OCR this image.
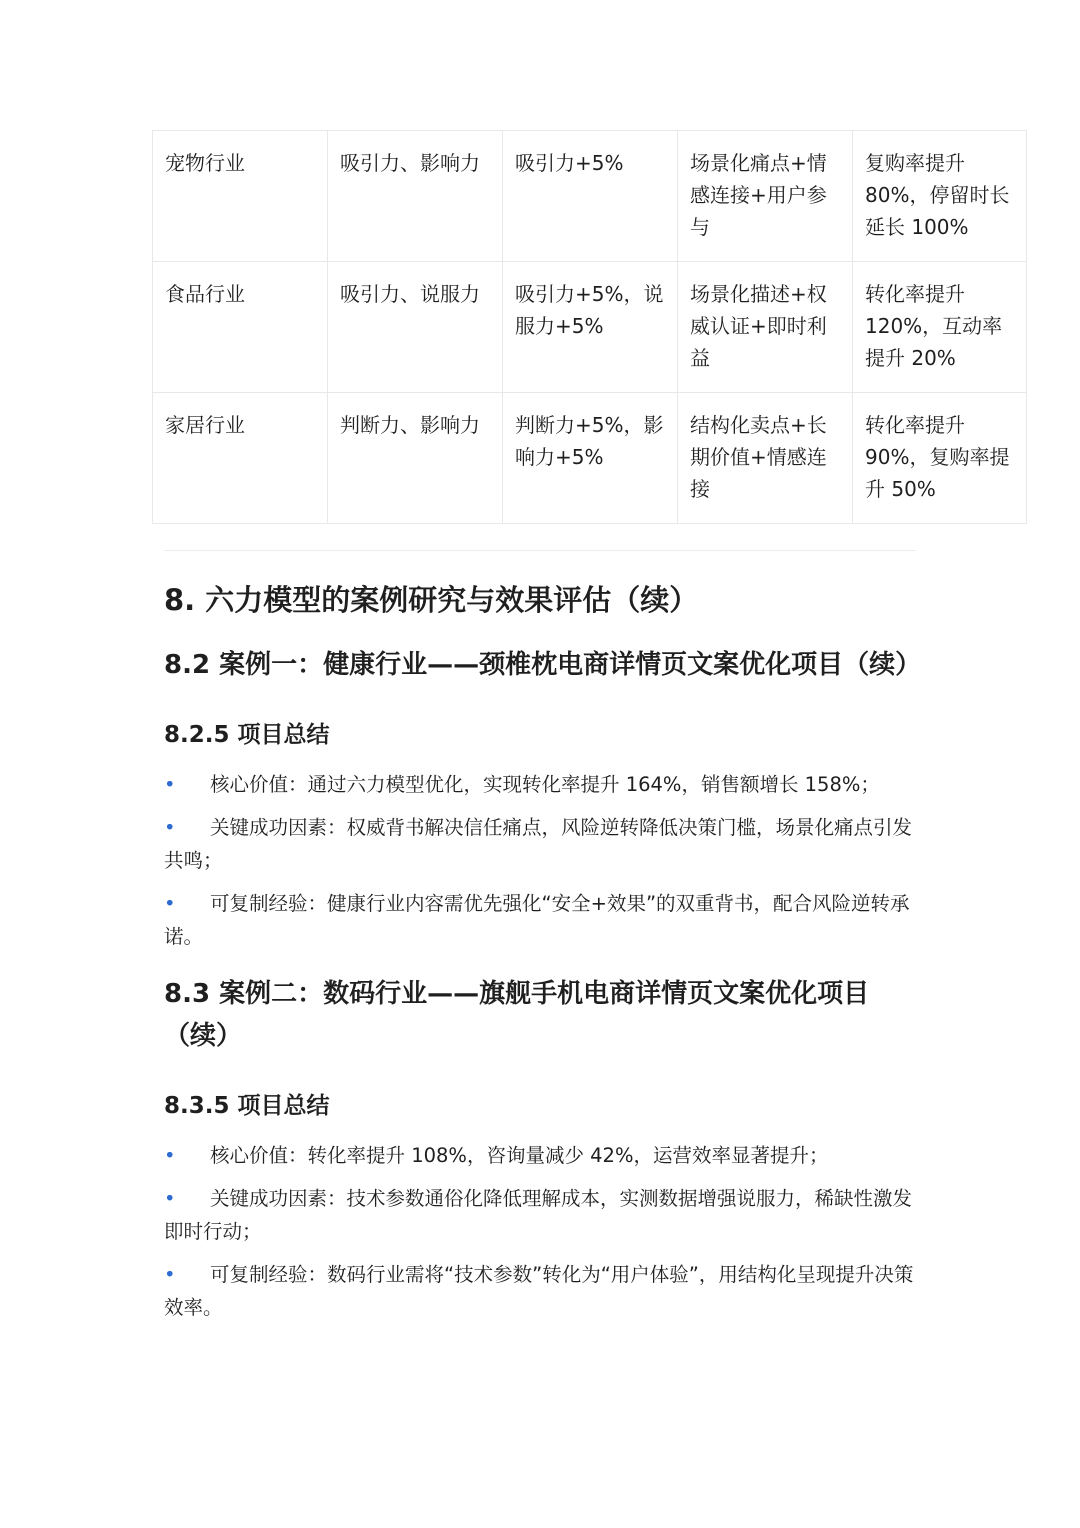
宠物行业	吸引力、影响力	吸引力+5%	场景化痛点+情感连接+用户参与	复购率提升 80%，停留时长延长 100%
食品行业	吸引力、说服力	吸引力+5%，说服力+5%	场景化描述+权威认证+即时利益	转化率提升 120%，互动率提升 20%
家居行业	判断力、影响力	判断力+5%，影响力+5%	结构化卖点+长期价值+情感连接	转化率提升 90%，复购率提升 50%
8. 六力模型的案例研究与效果评估（续）
8.2 案例一：健康行业——颈椎枕电商详情页文案优化项目（续）
8.2.5 项目总结
• 核心价值：通过六力模型优化，实现转化率提升 164%，销售额增长 158%；
• 关键成功因素：权威背书解决信任痛点，风险逆转降低决策门槛，场景化痛点引发共鸣；
• 可复制经验：健康行业内容需优先强化“安全+效果”的双重背书，配合风险逆转承诺。
8.3 案例二：数码行业——旗舰手机电商详情页文案优化项目（续）
8.3.5 项目总结
• 核心价值：转化率提升 108%，咨询量减少 42%，运营效率显著提升；
• 关键成功因素：技术参数通俗化降低理解成本，实测数据增强说服力，稀缺性激发即时行动；
• 可复制经验：数码行业需将“技术参数”转化为“用户体验”，用结构化呈现提升决策效率。
